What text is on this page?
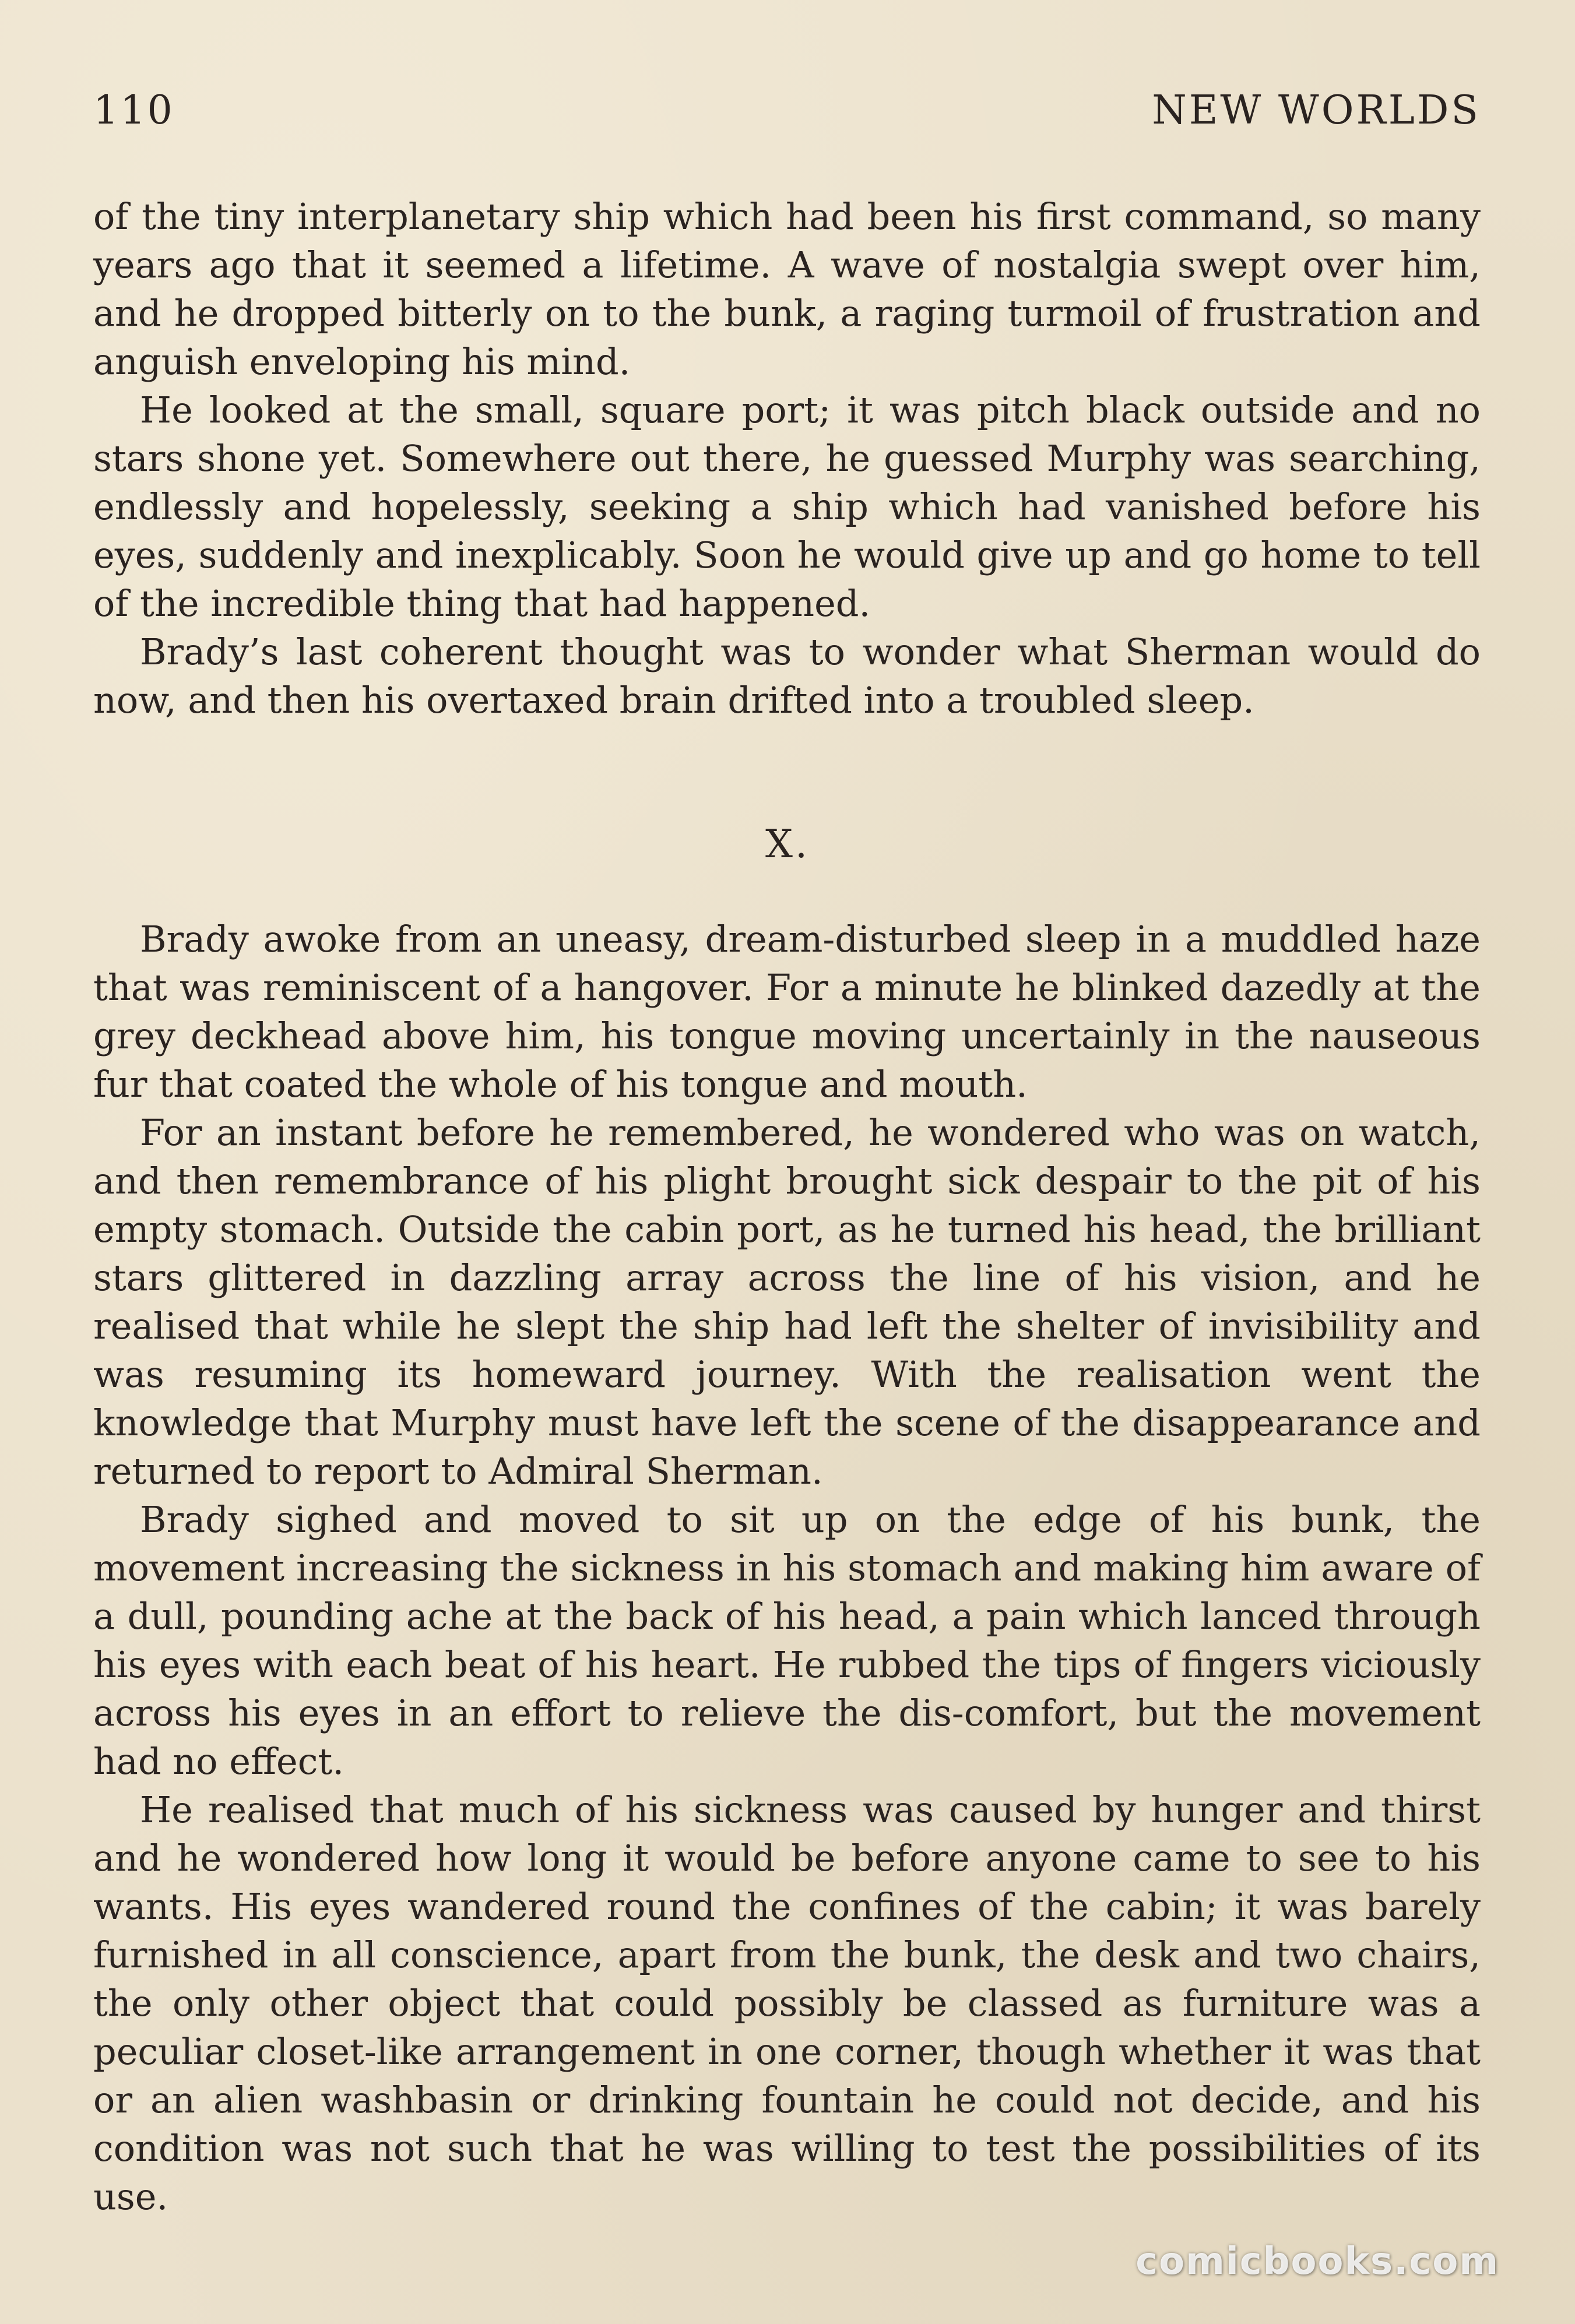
110	NEW WORLDS

of the tiny interplanetary ship which had been his first command, so many years ago that it seemed a lifetime. A wave of nostalgia swept over him, and he dropped bitterly on to the bunk, a raging turmoil of frustration and anguish enveloping his mind.

He looked at the small, square port; it was pitch black outside and no stars shone yet. Somewhere out there, he guessed Murphy was searching, endlessly and hopelessly, seeking a ship which had vanished before his eyes, suddenly and inexplicably. Soon he would give up and go home to tell of the incredible thing that had happened.

Brady’s last coherent thought was to wonder what Sherman would do now, and then his overtaxed brain drifted into a troubled sleep.

X.

Brady awoke from an uneasy, dream-disturbed sleep in a muddled haze that was reminiscent of a hangover. For a minute he blinked dazedly at the grey deckhead above him, his tongue moving uncertainly in the nauseous fur that coated the whole of his tongue and mouth.

For an instant before he remembered, he wondered who was on watch, and then remembrance of his plight brought sick despair to the pit of his empty stomach. Outside the cabin port, as he turned his head, the brilliant stars glittered in dazzling array across the line of his vision, and he realised that while he slept the ship had left the shelter of invisibility and was resuming its homeward journey. With the realisation went the knowledge that Murphy must have left the scene of the disappearance and returned to report to Admiral Sherman.

Brady sighed and moved to sit up on the edge of his bunk, the movement increasing the sickness in his stomach and making him aware of a dull, pounding ache at the back of his head, a pain which lanced through his eyes with each beat of his heart. He rubbed the tips of fingers viciously across his eyes in an effort to relieve the dis-comfort, but the movement had no effect.

He realised that much of his sickness was caused by hunger and thirst and he wondered how long it would be before anyone came to see to his wants. His eyes wandered round the confines of the cabin; it was barely furnished in all conscience, apart from the bunk, the desk and two chairs, the only other object that could possibly be classed as furniture was a peculiar closet-like arrangement in one corner, though whether it was that or an alien washbasin or drinking fountain he could not decide, and his condition was not such that he was willing to test the possibilities of its use.

comicbooks.com
